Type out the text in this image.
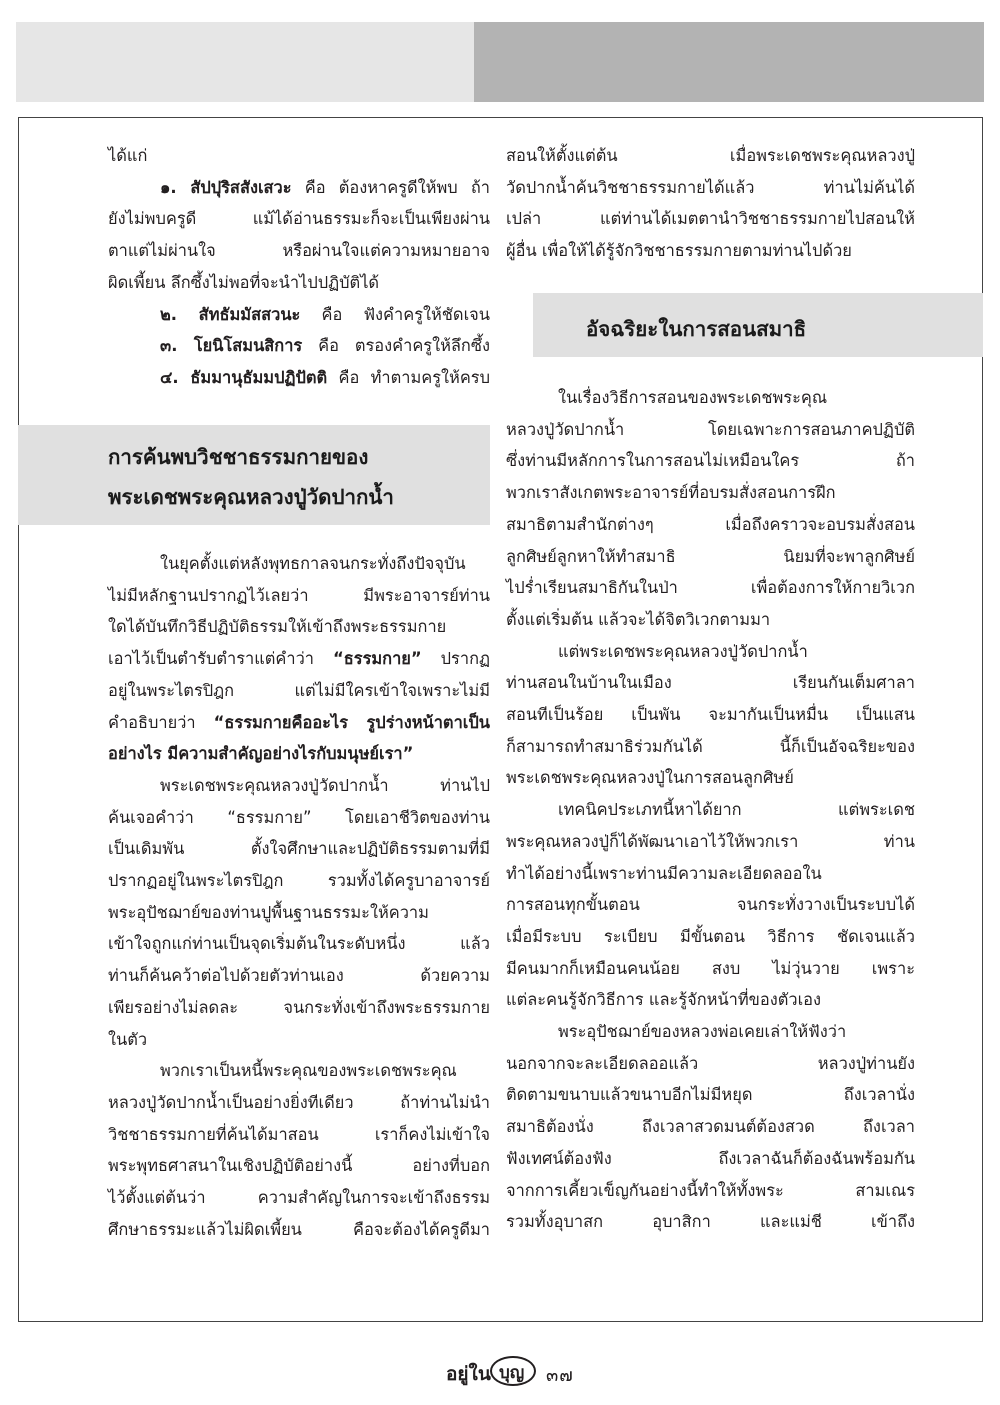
ได้แก่

๑. สัปปุริสสังเสวะ คือ ต้องหาครูดีให้พบ ถ้า

ยังไม่พบครูดี แม้ได้อ่านธรรมะก็จะเป็นเพียงผ่าน

ตาแต่ไม่ผ่านใจ หรือผ่านใจแต่ความหมายอาจ

ผิดเพี้ยน ลึกซึ้งไม่พอที่จะนำไปปฏิบัติได้

๒. สัทธัมมัสสวนะ คือ ฟังคำครูให้ชัดเจน

๓. โยนิโสมนสิการ คือ ตรองคำครูให้ลึกซึ้ง

๔. ธัมมานุธัมมปฏิปัตติ คือ ทำตามครูให้ครบ

การค้นพบวิชชาธรรมกายของ
พระเดชพระคุณหลวงปู่วัดปากน้ำ

ในยุคตั้งแต่หลังพุทธกาลจนกระทั่งถึงปัจจุบัน

ไม่มีหลักฐานปรากฏไว้เลยว่า มีพระอาจารย์ท่าน

ใดได้บันทึกวิธีปฏิบัติธรรมให้เข้าถึงพระธรรมกาย

เอาไว้เป็นตำรับตำราแต่คำว่า “ธรรมกาย” ปรากฏ

อยู่ในพระไตรปิฎก แต่ไม่มีใครเข้าใจเพราะไม่มี

คำอธิบายว่า “ธรรมกายคืออะไร รูปร่างหน้าตาเป็น

อย่างไร มีความสำคัญอย่างไรกับมนุษย์เรา”

พระเดชพระคุณหลวงปู่วัดปากน้ำ ท่านไป

ค้นเจอคำว่า “ธรรมกาย” โดยเอาชีวิตของท่าน

เป็นเดิมพัน ตั้งใจศึกษาและปฏิบัติธรรมตามที่มี

ปรากฏอยู่ในพระไตรปิฎก รวมทั้งได้ครูบาอาจารย์

พระอุปัชฌาย์ของท่านปูพื้นฐานธรรมะให้ความ

เข้าใจถูกแก่ท่านเป็นจุดเริ่มต้นในระดับหนึ่ง แล้ว

ท่านก็ค้นคว้าต่อไปด้วยตัวท่านเอง ด้วยความ

เพียรอย่างไม่ลดละ จนกระทั่งเข้าถึงพระธรรมกาย

ในตัว

พวกเราเป็นหนี้พระคุณของพระเดชพระคุณ

หลวงปู่วัดปากน้ำเป็นอย่างยิ่งทีเดียว ถ้าท่านไม่นำ

วิชชาธรรมกายที่ค้นได้มาสอน เราก็คงไม่เข้าใจ

พระพุทธศาสนาในเชิงปฏิบัติอย่างนี้ อย่างที่บอก

ไว้ตั้งแต่ต้นว่า ความสำคัญในการจะเข้าถึงธรรม

ศึกษาธรรมะแล้วไม่ผิดเพี้ยน คือจะต้องได้ครูดีมา

สอนให้ตั้งแต่ต้น เมื่อพระเดชพระคุณหลวงปู่

วัดปากน้ำค้นวิชชาธรรมกายได้แล้ว ท่านไม่ค้นได้

เปล่า แต่ท่านได้เมตตานำวิชชาธรรมกายไปสอนให้

ผู้อื่น เพื่อให้ได้รู้จักวิชชาธรรมกายตามท่านไปด้วย

อัจฉริยะในการสอนสมาธิ

ในเรื่องวิธีการสอนของพระเดชพระคุณ

หลวงปู่วัดปากน้ำ โดยเฉพาะการสอนภาคปฏิบัติ

ซึ่งท่านมีหลักการในการสอนไม่เหมือนใคร ถ้า

พวกเราสังเกตพระอาจารย์ที่อบรมสั่งสอนการฝึก

สมาธิตามสำนักต่างๆ เมื่อถึงคราวจะอบรมสั่งสอน

ลูกศิษย์ลูกหาให้ทำสมาธิ นิยมที่จะพาลูกศิษย์

ไปร่ำเรียนสมาธิกันในป่า เพื่อต้องการให้กายวิเวก

ตั้งแต่เริ่มต้น แล้วจะได้จิตวิเวกตามมา

แต่พระเดชพระคุณหลวงปู่วัดปากน้ำ

ท่านสอนในบ้านในเมือง เรียนกันเต็มศาลา

สอนทีเป็นร้อย เป็นพัน จะมากันเป็นหมื่น เป็นแสน

ก็สามารถทำสมาธิร่วมกันได้ นี้ก็เป็นอัจฉริยะของ

พระเดชพระคุณหลวงปู่ในการสอนลูกศิษย์

เทคนิคประเภทนี้หาได้ยาก แต่พระเดช

พระคุณหลวงปู่ก็ได้พัฒนาเอาไว้ให้พวกเรา ท่าน

ทำได้อย่างนี้เพราะท่านมีความละเอียดลออใน

การสอนทุกขั้นตอน จนกระทั่งวางเป็นระบบได้

เมื่อมีระบบ ระเบียบ มีขั้นตอน วิธีการ ชัดเจนแล้ว

มีคนมากก็เหมือนคนน้อย สงบ ไม่วุ่นวาย เพราะ

แต่ละคนรู้จักวิธีการ และรู้จักหน้าที่ของตัวเอง

พระอุปัชฌาย์ของหลวงพ่อเคยเล่าให้ฟังว่า

นอกจากจะละเอียดลออแล้ว หลวงปู่ท่านยัง

ติดตามขนาบแล้วขนาบอีกไม่มีหยุด ถึงเวลานั่ง

สมาธิต้องนั่ง ถึงเวลาสวดมนต์ต้องสวด ถึงเวลา

ฟังเทศน์ต้องฟัง ถึงเวลาฉันก็ต้องฉันพร้อมกัน

จากการเคี้ยวเข็ญกันอย่างนี้ทำให้ทั้งพระ สามเณร

รวมทั้งอุบาสก อุบาสิกา และแม่ชี เข้าถึง

อยู่ใน บุญ ๓๗
